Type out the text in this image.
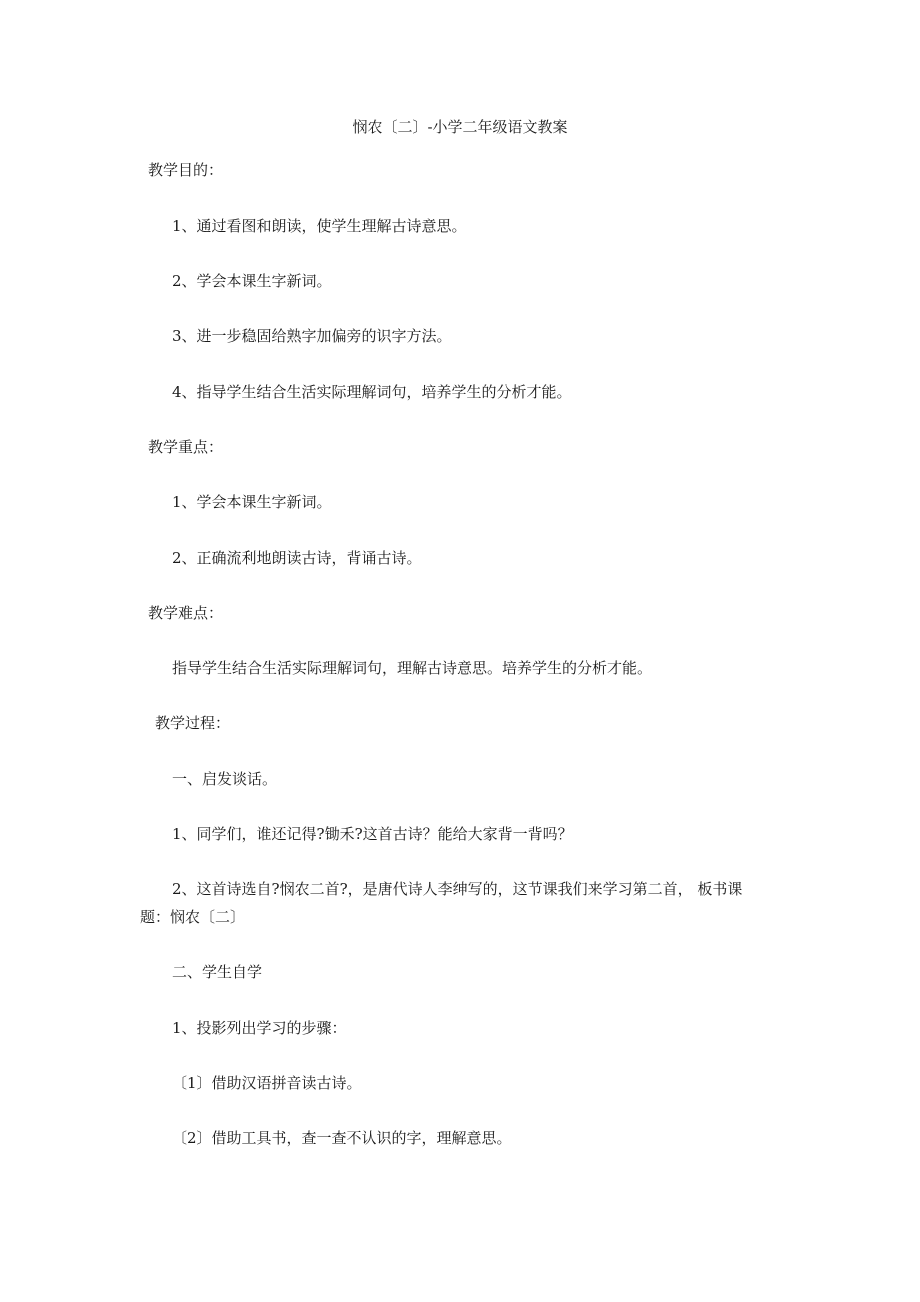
悯农〔二〕-小学二年级语文教案
教学目的：
1、通过看图和朗读，使学生理解古诗意思。
2、学会本课生字新词。
3、进一步稳固给熟字加偏旁的识字方法。
4、指导学生结合生活实际理解词句，培养学生的分析才能。
教学重点：
1、学会本课生字新词。
2、正确流利地朗读古诗，背诵古诗。
教学难点：
指导学生结合生活实际理解词句，理解古诗意思。培养学生的分析才能。
教学过程：
一、启发谈话。
1、同学们，谁还记得?锄禾?这首古诗？能给大家背一背吗？
2、这首诗选自?悯农二首?，是唐代诗人李绅写的，这节课我们来学习第二首， 板书课
题：悯农〔二〕
二、学生自学
1、投影列出学习的步骤：
〔1〕借助汉语拼音读古诗。
〔2〕借助工具书，查一查不认识的字，理解意思。
